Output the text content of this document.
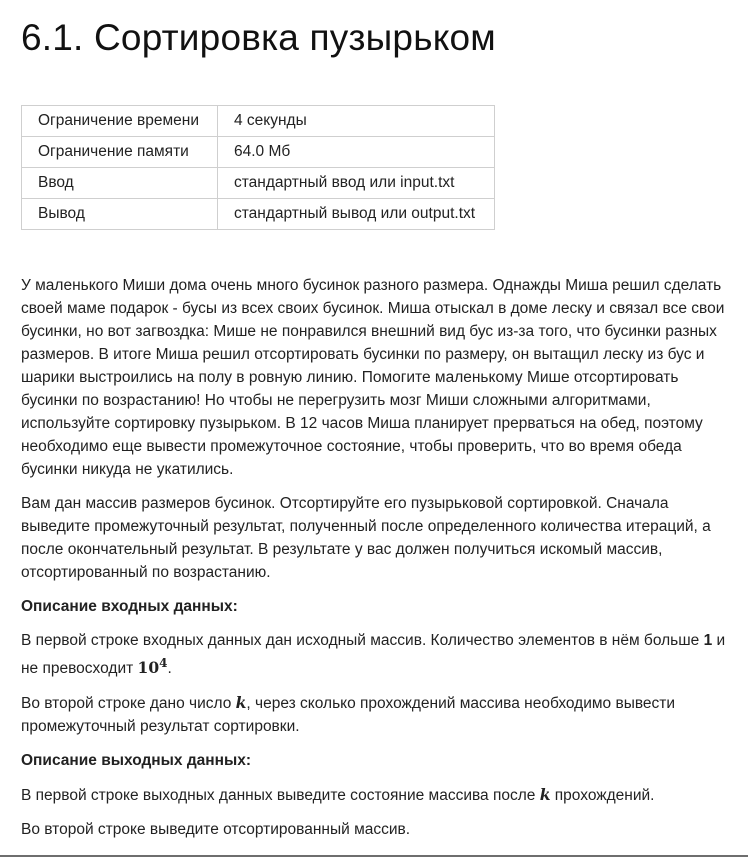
6.1. Сортировка пузырьком
Ограничение времени	4 секунды
Ограничение памяти	64.0 Мб
Ввод	стандартный ввод или input.txt
Вывод	стандартный вывод или output.txt

У маленького Миши дома очень много бусинок разного размера. Однажды Миша решил сделать своей маме подарок - бусы из всех своих бусинок. Миша отыскал в доме леску и связал все свои бусинки, но вот загвоздка: Мише не понравился внешний вид бус из-за того, что бусинки разных размеров. В итоге Миша решил отсортировать бусинки по размеру, он вытащил леску из бус и шарики выстроились на полу в ровную линию. Помогите маленькому Мише отсортировать бусинки по возрастанию! Но чтобы не перегрузить мозг Миши сложными алгоритмами, используйте сортировку пузырьком. В 12 часов Миша планирует прерваться на обед, поэтому необходимо еще вывести промежуточное состояние, чтобы проверить, что во время обеда бусинки никуда не укатились.

Вам дан массив размеров бусинок. Отсортируйте его пузырьковой сортировкой. Сначала выведите промежуточный результат, полученный после определенного количества итераций, а после окончательный результат. В результате у вас должен получиться искомый массив, отсортированный по возрастанию.

Описание входных данных:

В первой строке входных данных дан исходный массив. Количество элементов в нём больше 1 и не превосходит $10^4$.

Во второй строке дано число k, через сколько прохождений массива необходимо вывести промежуточный результат сортировки.

Описание выходных данных:

В первой строке выходных данных выведите состояние массива после k прохождений.

Во второй строке выведите отсортированный массив.
